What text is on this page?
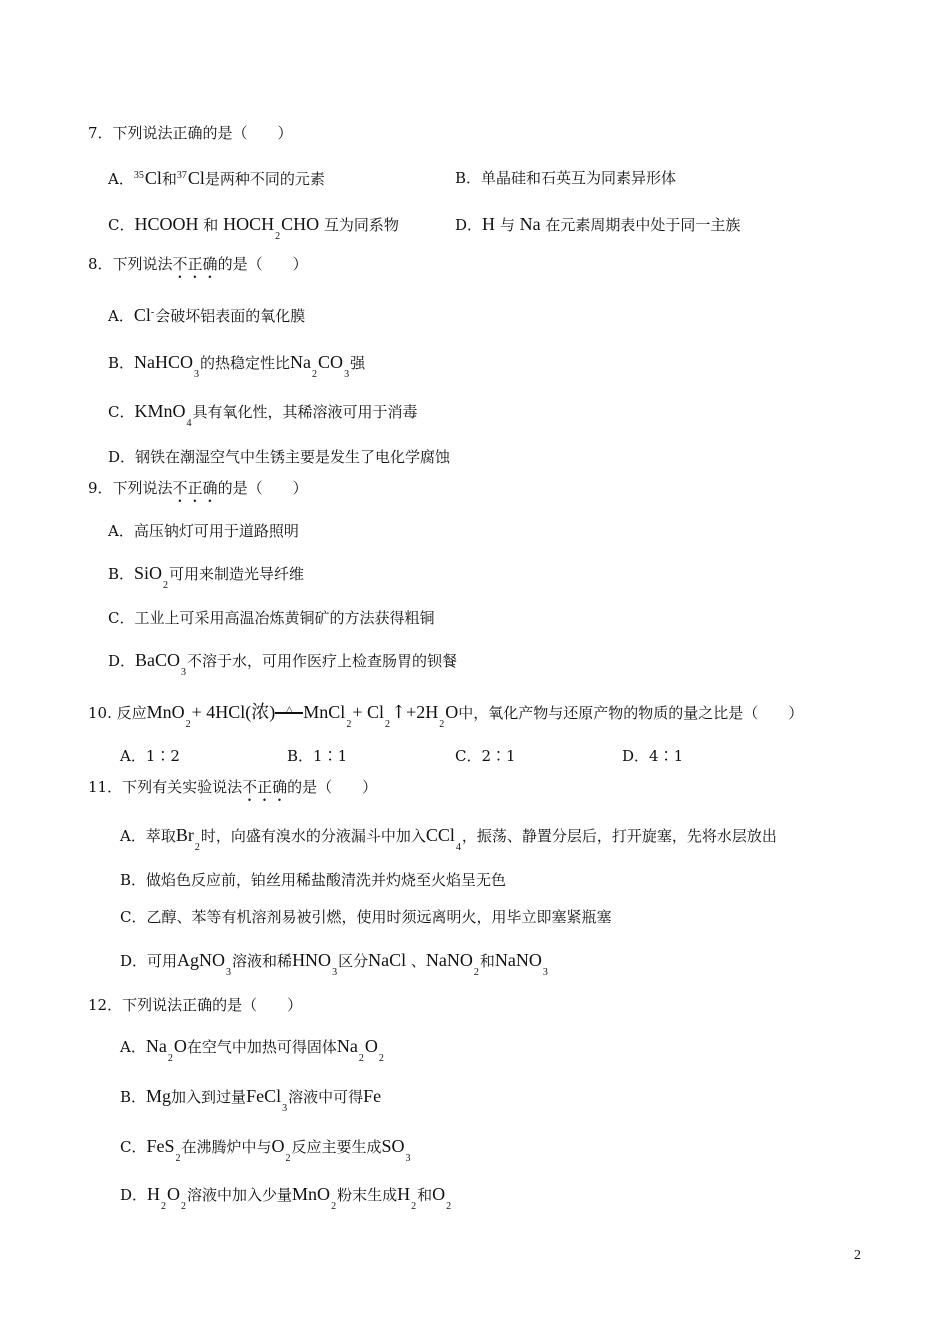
7．下列说法正确的是（　　）
A．$^{35}$Cl和$^{37}$Cl是两种不同的元素	B．单晶硅和石英互为同素异形体
C．HCOOH 和 $HOCH_2CHO$ 互为同系物	D．H 与 Na 在元素周期表中处于同一主族
8．下列说法不正确的是（　　）
A．Cl-会破坏铝表面的氧化膜
B．NaHCO$_3$的热稳定性比$Na_2CO_3$强
C．KMnO$_4$具有氧化性，其稀溶液可用于消毒
D．钢铁在潮湿空气中生锈主要是发生了电化学腐蚀
9．下列说法不正确的是（　　）
A．高压钠灯可用于道路照明
B．SiO$_2$可用来制造光导纤维
C．工业上可采用高温冶炼黄铜矿的方法获得粗铜
D．BaCO$_3$不溶于水，可用作医疗上检查肠胃的钡餐
10. 反应MnO$_2$+ 4HCl(浓)	△ MnCl$_2$+ $Cl_2↑+2H_2O$中，氧化产物与还原产物的物质的量之比是（　　）
A．1∶2	B．1∶1	C．2∶1	D．4∶1
11．下列有关实验说法不正确的是（　　）
A．萃取$Br_2$时，向盛有溴水的分液漏斗中加入CCl$_4$，振荡、静置分层后，打开旋塞，先将水层放出
B．做焰色反应前，铂丝用稀盐酸清洗并灼烧至火焰呈无色
C．乙醇、苯等有机溶剂易被引燃，使用时须远离明火，用毕立即塞紧瓶塞
D．可用AgNO$_3$溶液和稀$HNO_3$区分NaCl 、NaNO$_2$和NaNO$_3$
12．下列说法正确的是（　　）
A．$Na_2O$在空气中加热可得固体$Na_2O_2$
B．Mg加入到过量FeCl$_3$溶液中可得Fe
C．FeS$_2$在沸腾炉中与$O_2$反应主要生成$SO_3$
D．$H_2O_2$溶液中加入少量MnO$_2$粉末生成$H_2$和$O_2$
2
